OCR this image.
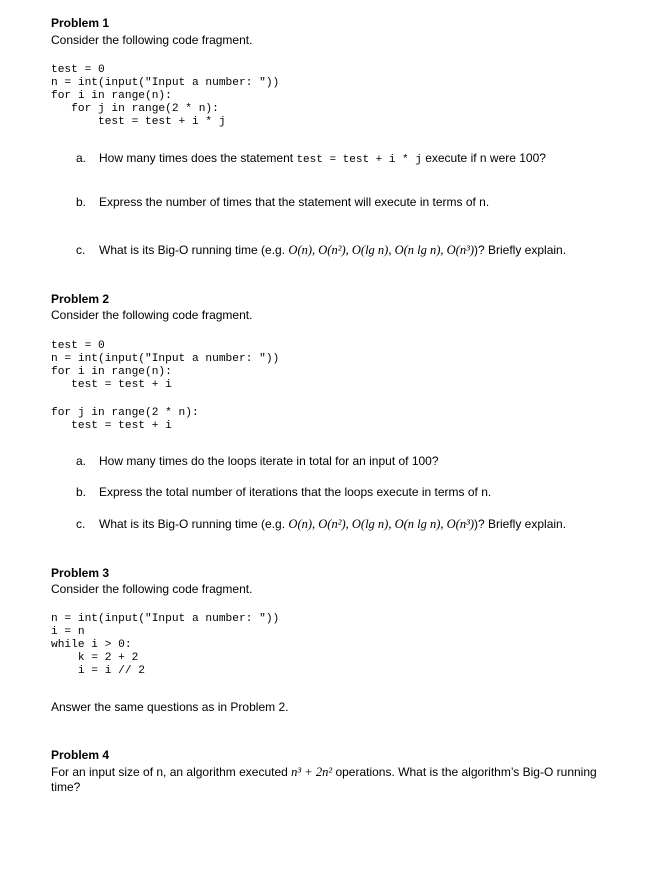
Problem 1
Consider the following code fragment.
test = 0
n = int(input("Input a number: "))
for i in range(n):
for j in range(2 * n):
test = test + i * j
a. How many times does the statement test = test + i * j execute if n were 100?
b. Express the number of times that the statement will execute in terms of n.
c. What is its Big-O running time (e.g. O(n), O(n²), O(lg n), O(n lg n), O(n³))? Briefly explain.
Problem 2
Consider the following code fragment.
test = 0
n = int(input("Input a number: "))
for i in range(n):
test = test + i
for j in range(2 * n):
test = test + i
a. How many times do the loops iterate in total for an input of 100?
b. Express the total number of iterations that the loops execute in terms of n.
c. What is its Big-O running time (e.g. O(n), O(n²), O(lg n), O(n lg n), O(n³))? Briefly explain.
Problem 3
Consider the following code fragment.
n = int(input("Input a number: "))
i = n
while i > 0:
k = 2 + 2
i = i // 2
Answer the same questions as in Problem 2.
Problem 4
For an input size of n, an algorithm executed n³ + 2n² operations. What is the algorithm’s Big-O running
time?
